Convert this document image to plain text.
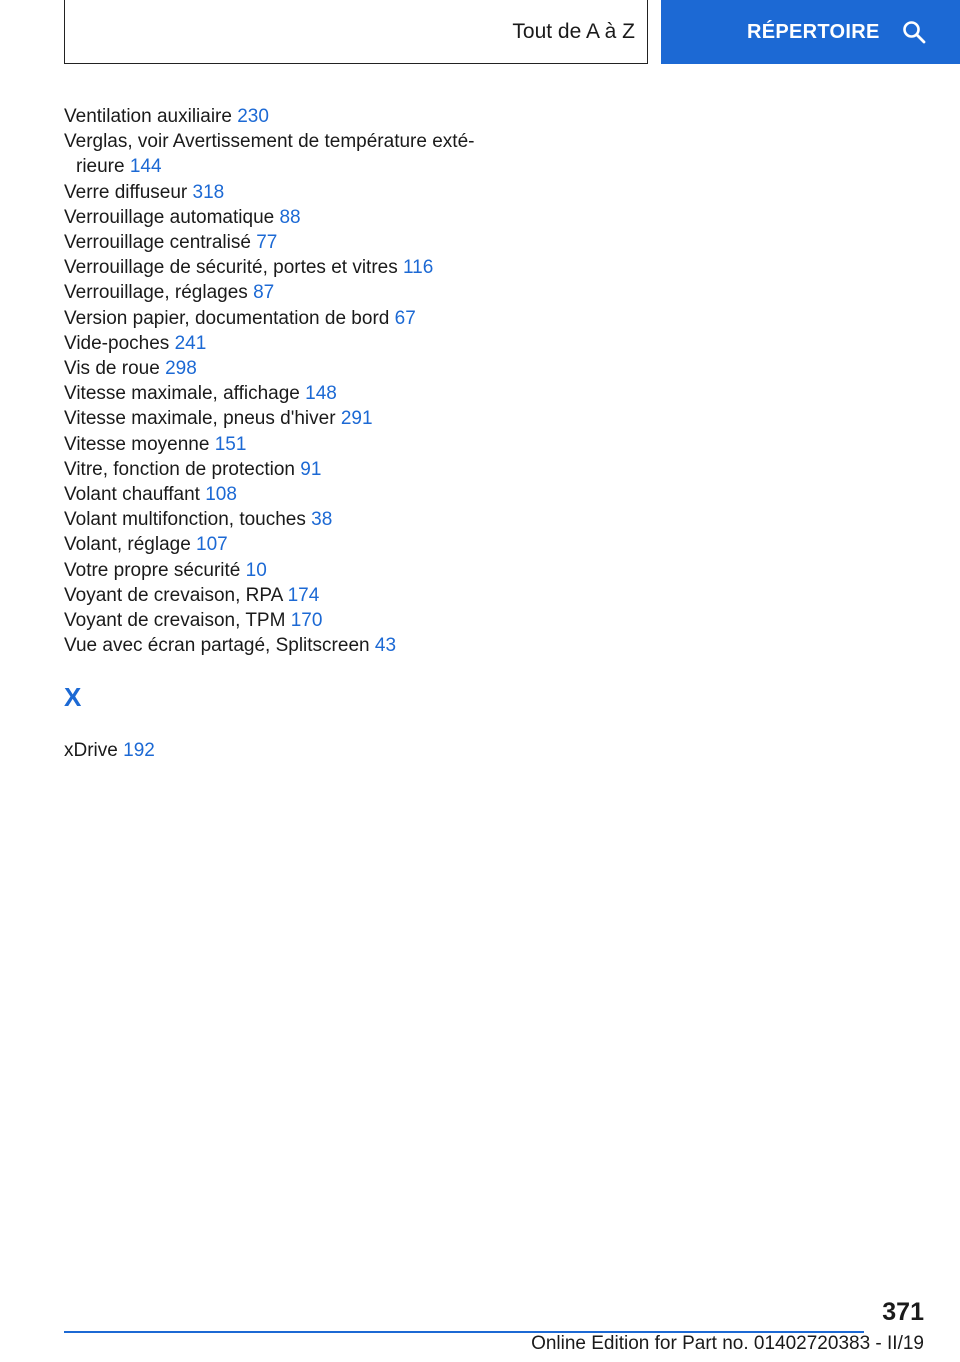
Tout de A à Z	RÉPERTOIRE
Ventilation auxiliaire 230
Verglas, voir Avertissement de température extérieure 144
Verre diffuseur 318
Verrouillage automatique 88
Verrouillage centralisé 77
Verrouillage de sécurité, portes et vitres 116
Verrouillage, réglages 87
Version papier, documentation de bord 67
Vide-poches 241
Vis de roue 298
Vitesse maximale, affichage 148
Vitesse maximale, pneus d'hiver 291
Vitesse moyenne 151
Vitre, fonction de protection 91
Volant chauffant 108
Volant multifonction, touches 38
Volant, réglage 107
Votre propre sécurité 10
Voyant de crevaison, RPA 174
Voyant de crevaison, TPM 170
Vue avec écran partagé, Splitscreen 43
X
xDrive 192
371
Online Edition for Part no. 01402720383 - II/19
